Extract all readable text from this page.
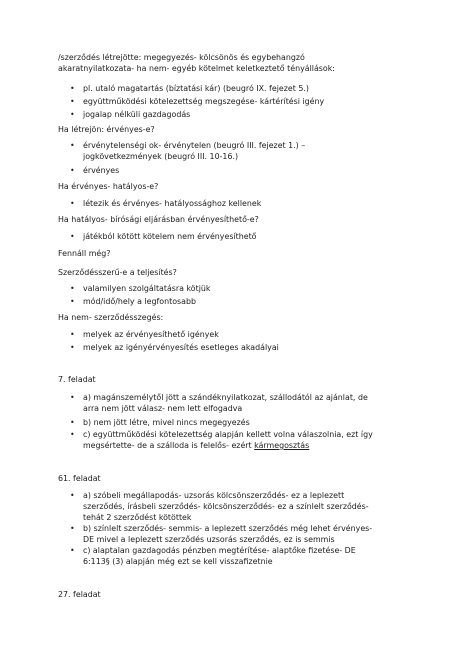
/szerződés létrejötte: megegyezés- kölcsönös és egybehangzó
akaratnyilatkozata- ha nem- egyéb kötelmet keletkeztető tényállások:
• pl. utaló magatartás (bíztatási kár) (beugró IX. fejezet 5.)
• együttműködési kötelezettség megszegése- kártérítési igény
• jogalap nélküli gazdagodás
Ha létrejön: érvényes-e?
• érvénytelenségi ok- érvénytelen (beugró III. fejezet 1.) –
jogkövetkezmények (beugró III. 10-16.)
• érvényes
Ha érvényes- hatályos-e?
• létezik és érvényes- hatályossághoz kellenek
Ha hatályos- bírósági eljárásban érvényesíthető-e?
• játékból kötött kötelem nem érvényesíthető
Fennáll még?
Szerződésszerű-e a teljesítés?
• valamilyen szolgáltatásra kötjük
• mód/idő/hely a legfontosabb
Ha nem- szerződésszegés:
• melyek az érvényesíthető igények
• melyek az igényérvényesítés esetleges akadályai
7. feladat
• a) magánszemélytől jött a szándéknyilatkozat, szállodától az ajánlat, de
arra nem jött válasz- nem lett elfogadva
• b) nem jött létre, mivel nincs megegyezés
• c) együttműködési kötelezettség alapján kellett volna válaszolnia, ezt így
megsértette- de a szálloda is felelős- ezért kármegosztás
61. feladat
• a) szóbeli megállapodás- uzsorás kölcsönszerződés- ez a leplezett
szerződés, írásbeli szerződés- kölcsönszerződés- ez a színlelt szerződés-
tehát 2 szerződést kötöttek
• b) színlelt szerződés- semmis- a leplezett szerződés még lehet érvényes-
DE mivel a leplezett szerződés uzsorás szerződés, ez is semmis
• c) alaptalan gazdagodás pénzben megtérítése- alaptőke fizetése- DE
6:113§ (3) alapján még ezt se kell visszafizetnie
27. feladat
